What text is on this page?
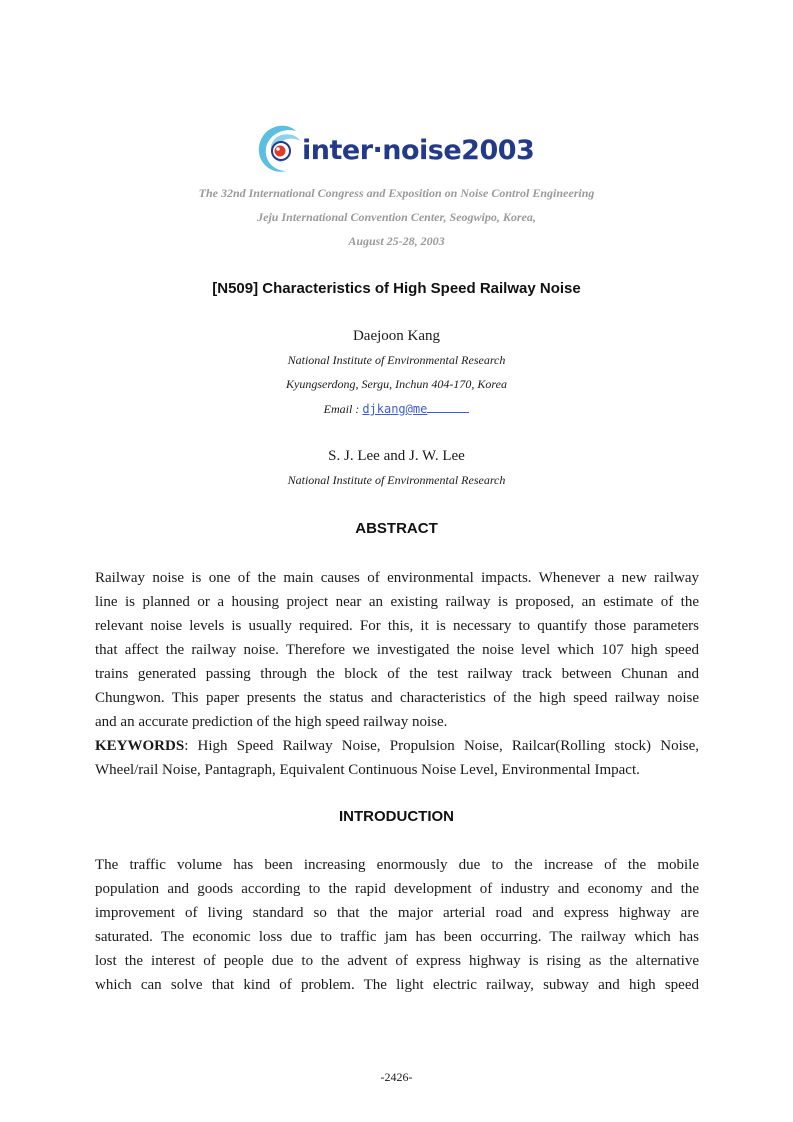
inter·noise2003
The 32nd International Congress and Exposition on Noise Control Engineering
Jeju International Convention Center, Seogwipo, Korea,
August 25-28, 2003
[N509] Characteristics of High Speed Railway Noise
Daejoon Kang
National Institute of Environmental Research
Kyungserdong, Sergu, Inchun 404-170, Korea
Email : djkang@me
S. J. Lee and J. W. Lee
National Institute of Environmental Research
ABSTRACT
Railway noise is one of the main causes of environmental impacts. Whenever a new railway
line is planned or a housing project near an existing railway is proposed, an estimate of the
relevant noise levels is usually required. For this, it is necessary to quantify those parameters
that affect the railway noise. Therefore we investigated the noise level which 107 high speed
trains generated passing through the block of the test railway track between Chunan and
Chungwon. This paper presents the status and characteristics of the high speed railway noise
and an accurate prediction of the high speed railway noise.
KEYWORDS: High Speed Railway Noise, Propulsion Noise, Railcar(Rolling stock) Noise,
Wheel/rail Noise, Pantagraph, Equivalent Continuous Noise Level, Environmental Impact.
INTRODUCTION
The traffic volume has been increasing enormously due to the increase of the mobile
population and goods according to the rapid development of industry and economy and the
improvement of living standard so that the major arterial road and express highway are
saturated. The economic loss due to traffic jam has been occurring. The railway which has
lost the interest of people due to the advent of express highway is rising as the alternative
which can solve that kind of problem. The light electric railway, subway and high speed
-2426-
